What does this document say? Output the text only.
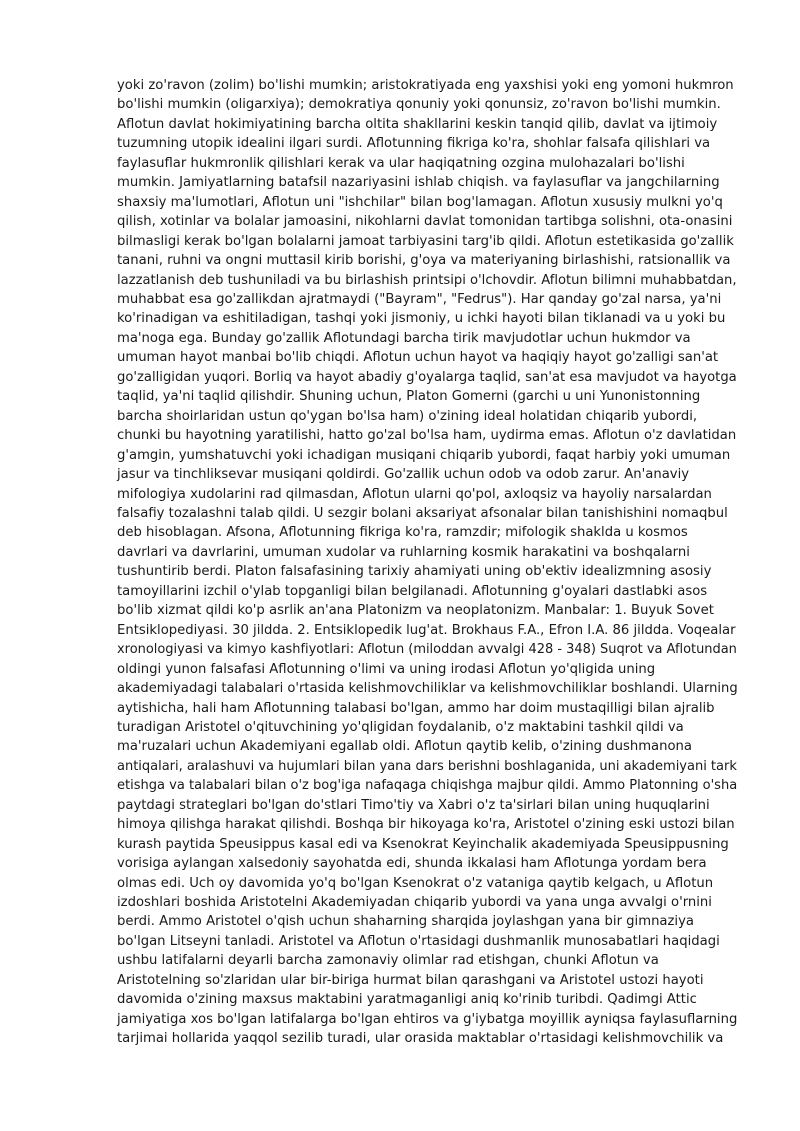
yoki zo'ravon (zolim) bo'lishi mumkin; aristokratiyada eng yaxshisi yoki eng yomoni hukmron
bo'lishi mumkin (oligarxiya); demokratiya qonuniy yoki qonunsiz, zo'ravon bo'lishi mumkin.
Aflotun davlat hokimiyatining barcha oltita shakllarini keskin tanqid qilib, davlat va ijtimoiy
tuzumning utopik idealini ilgari surdi. Aflotunning fikriga ko'ra, shohlar falsafa qilishlari va
faylasuflar hukmronlik qilishlari kerak va ular haqiqatning ozgina mulohazalari bo'lishi
mumkin. Jamiyatlarning batafsil nazariyasini ishlab chiqish. va faylasuflar va jangchilarning
shaxsiy ma'lumotlari, Aflotun uni "ishchilar" bilan bog'lamagan. Aflotun xususiy mulkni yo'q
qilish, xotinlar va bolalar jamoasini, nikohlarni davlat tomonidan tartibga solishni, ota-onasini
bilmasligi kerak bo'lgan bolalarni jamoat tarbiyasini targ'ib qildi. Aflotun estetikasida go'zallik
tanani, ruhni va ongni muttasil kirib borishi, g'oya va materiyaning birlashishi, ratsionallik va
lazzatlanish deb tushuniladi va bu birlashish printsipi o'lchovdir. Aflotun bilimni muhabbatdan,
muhabbat esa go'zallikdan ajratmaydi ("Bayram", "Fedrus"). Har qanday go'zal narsa, ya'ni
ko'rinadigan va eshitiladigan, tashqi yoki jismoniy, u ichki hayoti bilan tiklanadi va u yoki bu
ma'noga ega. Bunday go'zallik Aflotundagi barcha tirik mavjudotlar uchun hukmdor va
umuman hayot manbai bo'lib chiqdi. Aflotun uchun hayot va haqiqiy hayot go'zalligi san'at
go'zalligidan yuqori. Borliq va hayot abadiy g'oyalarga taqlid, san'at esa mavjudot va hayotga
taqlid, ya'ni taqlid qilishdir. Shuning uchun, Platon Gomerni (garchi u uni Yunonistonning
barcha shoirlaridan ustun qo'ygan bo'lsa ham) o'zining ideal holatidan chiqarib yubordi,
chunki bu hayotning yaratilishi, hatto go'zal bo'lsa ham, uydirma emas. Aflotun o'z davlatidan
g'amgin, yumshatuvchi yoki ichadigan musiqani chiqarib yubordi, faqat harbiy yoki umuman
jasur va tinchliksevar musiqani qoldirdi. Go'zallik uchun odob va odob zarur. An'anaviy
mifologiya xudolarini rad qilmasdan, Aflotun ularni qo'pol, axloqsiz va hayoliy narsalardan
falsafiy tozalashni talab qildi. U sezgir bolani aksariyat afsonalar bilan tanishishini nomaqbul
deb hisoblagan. Afsona, Aflotunning fikriga ko'ra, ramzdir; mifologik shaklda u kosmos
davrlari va davrlarini, umuman xudolar va ruhlarning kosmik harakatini va boshqalarni
tushuntirib berdi. Platon falsafasining tarixiy ahamiyati uning ob'ektiv idealizmning asosiy
tamoyillarini izchil o'ylab topganligi bilan belgilanadi. Aflotunning g'oyalari dastlabki asos
bo'lib xizmat qildi ko'p asrlik an'ana Platonizm va neoplatonizm. Manbalar: 1. Buyuk Sovet
Entsiklopediyasi. 30 jildda. 2. Entsiklopedik lug'at. Brokhaus F.A., Efron I.A. 86 jildda. Voqealar
xronologiyasi va kimyo kashfiyotlari: Aflotun (miloddan avvalgi 428 - 348) Suqrot va Aflotundan
oldingi yunon falsafasi Aflotunning o'limi va uning irodasi Aflotun yo'qligida uning
akademiyadagi talabalari o'rtasida kelishmovchiliklar va kelishmovchiliklar boshlandi. Ularning
aytishicha, hali ham Aflotunning talabasi bo'lgan, ammo har doim mustaqilligi bilan ajralib
turadigan Aristotel o'qituvchining yo'qligidan foydalanib, o'z maktabini tashkil qildi va
ma'ruzalari uchun Akademiyani egallab oldi. Aflotun qaytib kelib, o'zining dushmanona
antiqalari, aralashuvi va hujumlari bilan yana dars berishni boshlaganida, uni akademiyani tark
etishga va talabalari bilan o'z bog'iga nafaqaga chiqishga majbur qildi. Ammo Platonning o'sha
paytdagi strateglari bo'lgan do'stlari Timo'tiy va Xabri o'z ta'sirlari bilan uning huquqlarini
himoya qilishga harakat qilishdi. Boshqa bir hikoyaga ko'ra, Aristotel o'zining eski ustozi bilan
kurash paytida Speusippus kasal edi va Ksenokrat Keyinchalik akademiyada Speusippusning
vorisiga aylangan xalsedoniy sayohatda edi, shunda ikkalasi ham Aflotunga yordam bera
olmas edi. Uch oy davomida yo'q bo'lgan Ksenokrat o'z vataniga qaytib kelgach, u Aflotun
izdoshlari boshida Aristotelni Akademiyadan chiqarib yubordi va yana unga avvalgi o'rnini
berdi. Ammo Aristotel o'qish uchun shaharning sharqida joylashgan yana bir gimnaziya
bo'lgan Litseyni tanladi. Aristotel va Aflotun o'rtasidagi dushmanlik munosabatlari haqidagi
ushbu latifalarni deyarli barcha zamonaviy olimlar rad etishgan, chunki Aflotun va
Aristotelning so'zlaridan ular bir-biriga hurmat bilan qarashgani va Aristotel ustozi hayoti
davomida o'zining maxsus maktabini yaratmaganligi aniq ko'rinib turibdi. Qadimgi Attic
jamiyatiga xos bo'lgan latifalarga bo'lgan ehtiros va g'iybatga moyillik ayniqsa faylasuflarning
tarjimai hollarida yaqqol sezilib turadi, ular orasida maktablar o'rtasidagi kelishmovchilik va
